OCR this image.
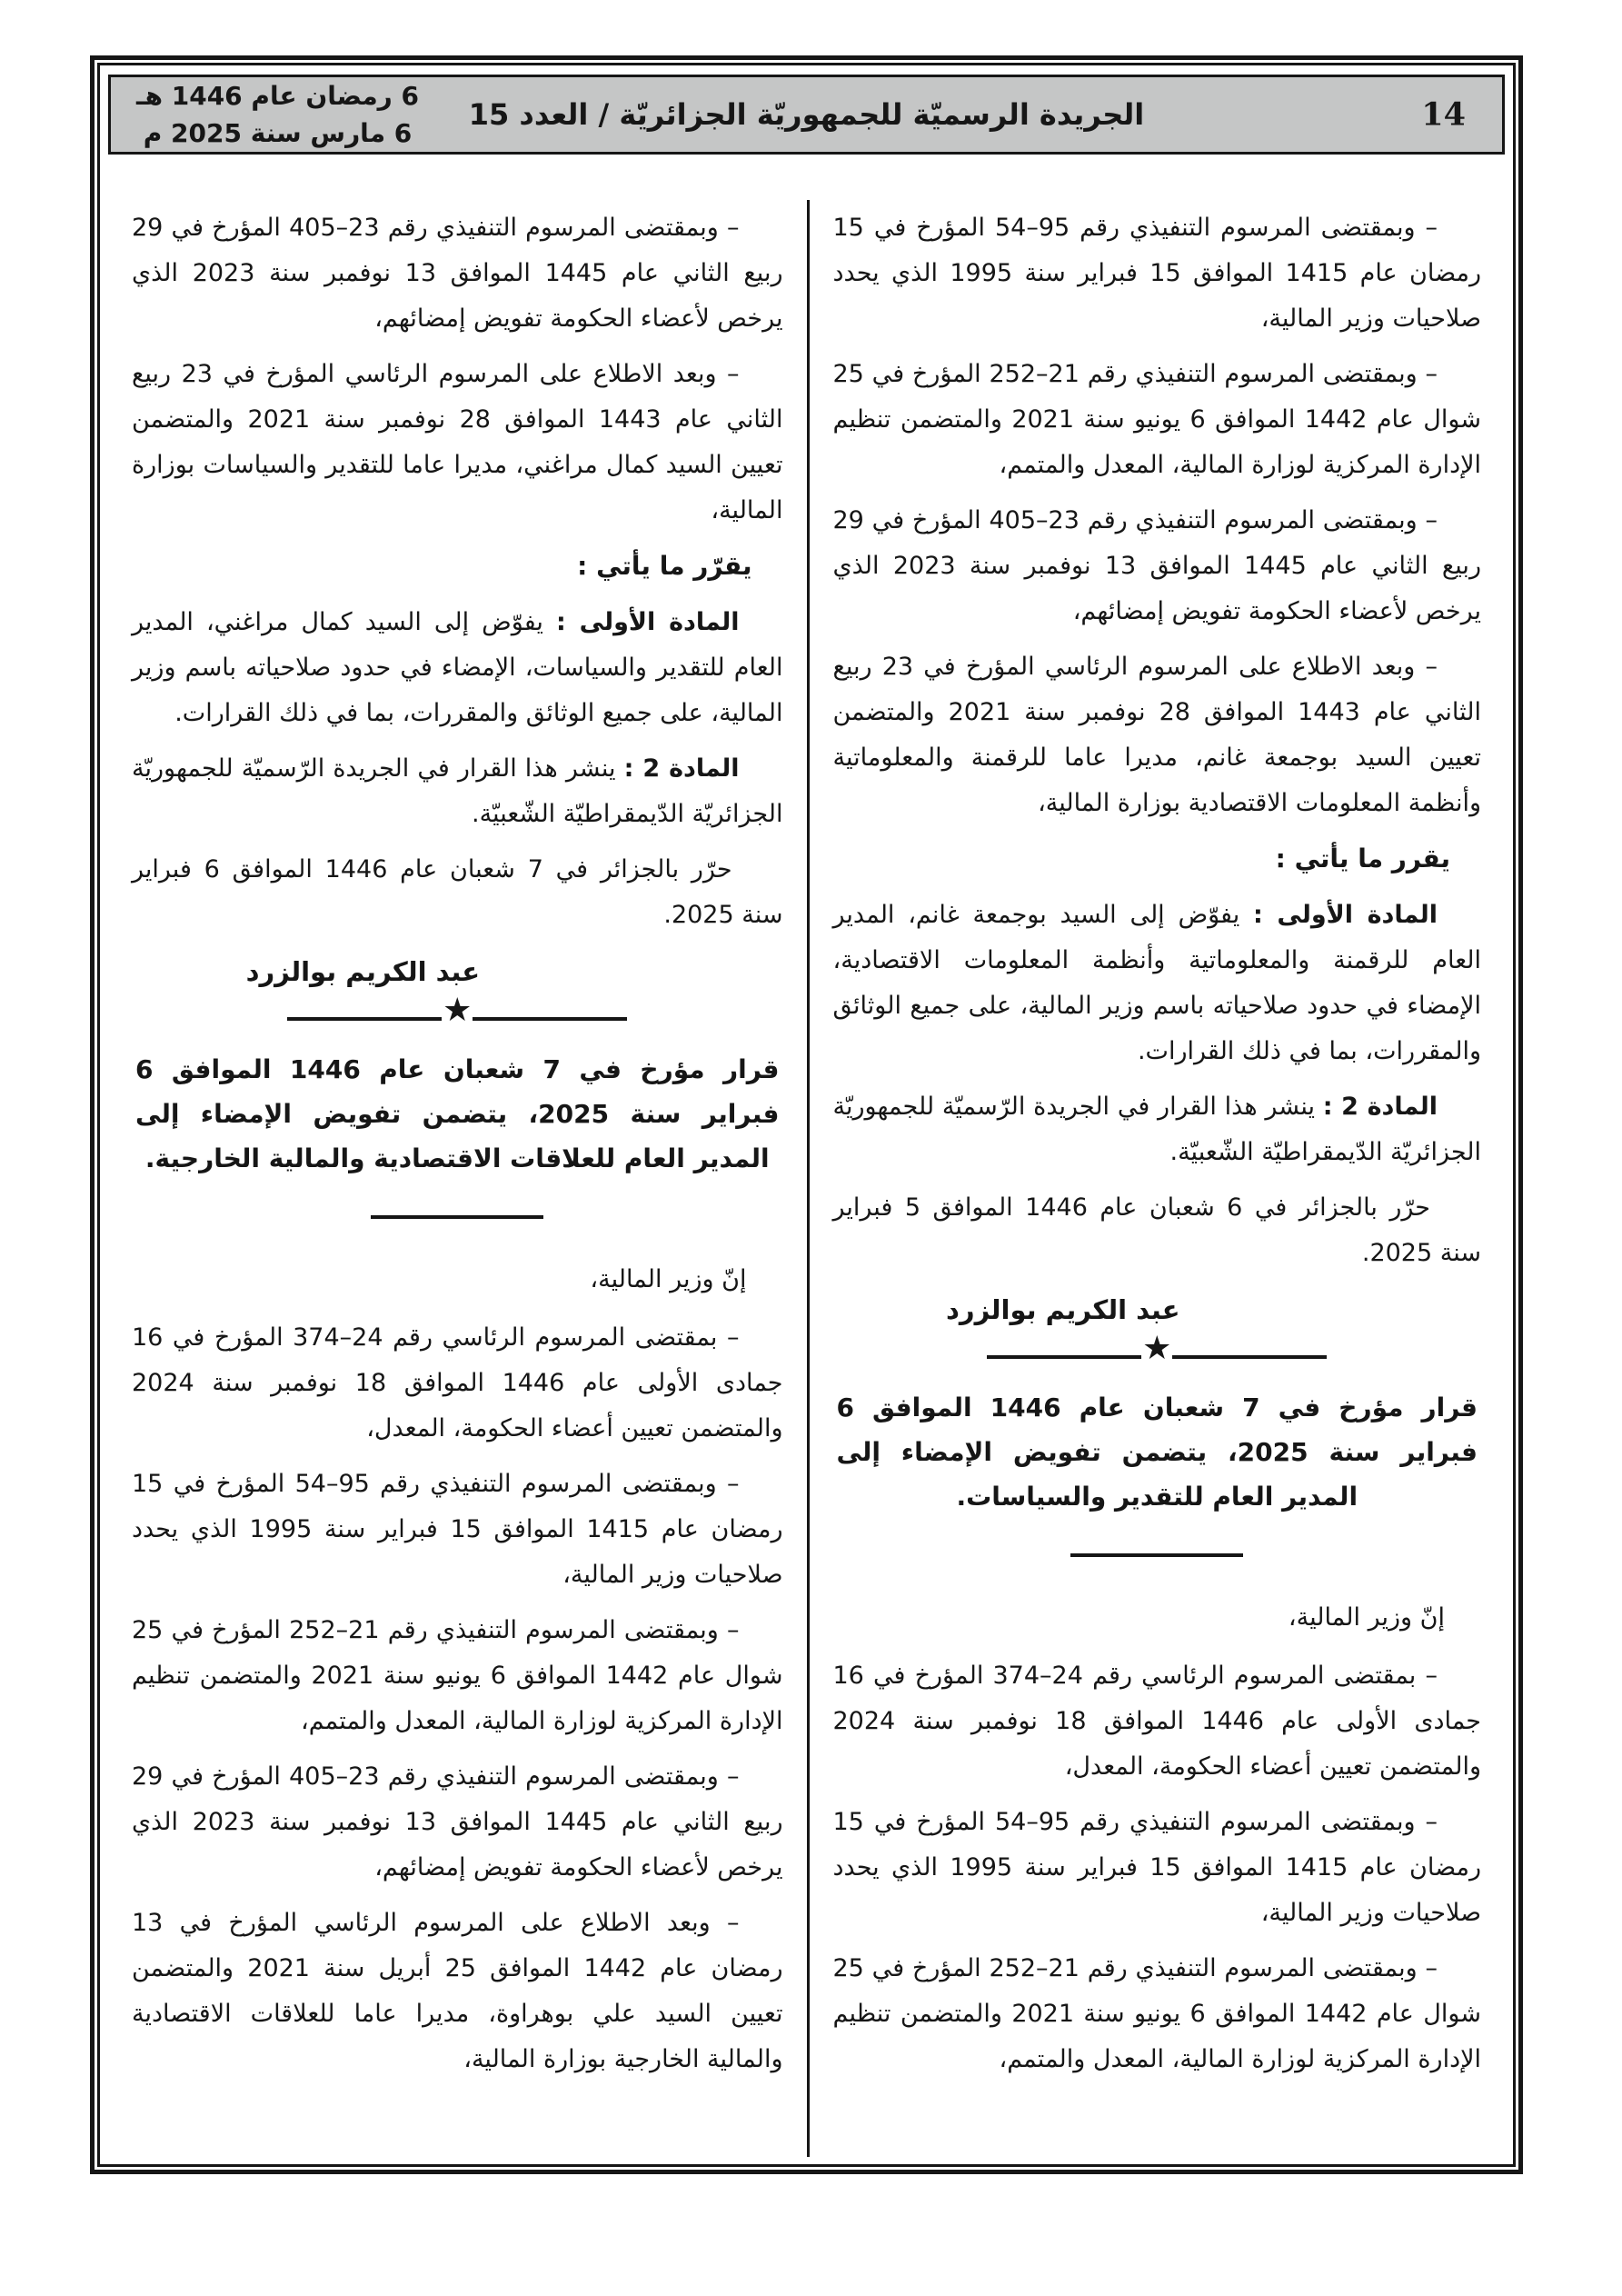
14
الجريدة الرسميّة للجمهوريّة الجزائريّة / العدد 15
6 رمضان عام 1446 هـ
6 مارس سنة 2025 م

– وبمقتضى المرسوم التنفيذي رقم 95–54 المؤرخ في 15 رمضان عام 1415 الموافق 15 فبراير سنة 1995 الذي يحدد صلاحيات وزير المالية،

– وبمقتضى المرسوم التنفيذي رقم 21–252 المؤرخ في 25 شوال عام 1442 الموافق 6 يونيو سنة 2021 والمتضمن تنظيم الإدارة المركزية لوزارة المالية، المعدل والمتمم،

– وبمقتضى المرسوم التنفيذي رقم 23–405 المؤرخ في 29 ربيع الثاني عام 1445 الموافق 13 نوفمبر سنة 2023 الذي يرخص لأعضاء الحكومة تفويض إمضائهم،

– وبعد الاطلاع على المرسوم الرئاسي المؤرخ في 23 ربيع الثاني عام 1443 الموافق 28 نوفمبر سنة 2021 والمتضمن تعيين السيد بوجمعة غانم، مديرا عاما للرقمنة والمعلوماتية وأنظمة المعلومات الاقتصادية بوزارة المالية،

يقرر ما يأتي :

المادة الأولى : يفوّض إلى السيد بوجمعة غانم، المدير العام للرقمنة والمعلوماتية وأنظمة المعلومات الاقتصادية، الإمضاء في حدود صلاحياته باسم وزير المالية، على جميع الوثائق والمقررات، بما في ذلك القرارات.

المادة 2 : ينشر هذا القرار في الجريدة الرّسميّة للجمهوريّة الجزائريّة الدّيمقراطيّة الشّعبيّة.

حرّر بالجزائر في 6 شعبان عام 1446 الموافق 5 فبراير سنة 2025.

عبد الكريم بوالزرد
★

قرار مؤرخ في 7 شعبان عام 1446 الموافق 6 فبراير سنة 2025، يتضمن تفويض الإمضاء إلى المدير العام للتقدير والسياسات.

إنّ وزير المالية،

– بمقتضى المرسوم الرئاسي رقم 24–374 المؤرخ في 16 جمادى الأولى عام 1446 الموافق 18 نوفمبر سنة 2024 والمتضمن تعيين أعضاء الحكومة، المعدل،

– وبمقتضى المرسوم التنفيذي رقم 95–54 المؤرخ في 15 رمضان عام 1415 الموافق 15 فبراير سنة 1995 الذي يحدد صلاحيات وزير المالية،

– وبمقتضى المرسوم التنفيذي رقم 21–252 المؤرخ في 25 شوال عام 1442 الموافق 6 يونيو سنة 2021 والمتضمن تنظيم الإدارة المركزية لوزارة المالية، المعدل والمتمم،

– وبمقتضى المرسوم التنفيذي رقم 23–405 المؤرخ في 29 ربيع الثاني عام 1445 الموافق 13 نوفمبر سنة 2023 الذي يرخص لأعضاء الحكومة تفويض إمضائهم،

– وبعد الاطلاع على المرسوم الرئاسي المؤرخ في 23 ربيع الثاني عام 1443 الموافق 28 نوفمبر سنة 2021 والمتضمن تعيين السيد كمال مراغني، مديرا عاما للتقدير والسياسات بوزارة المالية،

يقرّر ما يأتي :

المادة الأولى : يفوّض إلى السيد كمال مراغني، المدير العام للتقدير والسياسات، الإمضاء في حدود صلاحياته باسم وزير المالية، على جميع الوثائق والمقررات، بما في ذلك القرارات.

المادة 2 : ينشر هذا القرار في الجريدة الرّسميّة للجمهوريّة الجزائريّة الدّيمقراطيّة الشّعبيّة.

حرّر بالجزائر في 7 شعبان عام 1446 الموافق 6 فبراير سنة 2025.

عبد الكريم بوالزرد
★

قرار مؤرخ في 7 شعبان عام 1446 الموافق 6 فبراير سنة 2025، يتضمن تفويض الإمضاء إلى المدير العام للعلاقات الاقتصادية والمالية الخارجية.

إنّ وزير المالية،

– بمقتضى المرسوم الرئاسي رقم 24–374 المؤرخ في 16 جمادى الأولى عام 1446 الموافق 18 نوفمبر سنة 2024 والمتضمن تعيين أعضاء الحكومة، المعدل،

– وبمقتضى المرسوم التنفيذي رقم 95–54 المؤرخ في 15 رمضان عام 1415 الموافق 15 فبراير سنة 1995 الذي يحدد صلاحيات وزير المالية،

– وبمقتضى المرسوم التنفيذي رقم 21–252 المؤرخ في 25 شوال عام 1442 الموافق 6 يونيو سنة 2021 والمتضمن تنظيم الإدارة المركزية لوزارة المالية، المعدل والمتمم،

– وبمقتضى المرسوم التنفيذي رقم 23–405 المؤرخ في 29 ربيع الثاني عام 1445 الموافق 13 نوفمبر سنة 2023 الذي يرخص لأعضاء الحكومة تفويض إمضائهم،

– وبعد الاطلاع على المرسوم الرئاسي المؤرخ في 13 رمضان عام 1442 الموافق 25 أبريل سنة 2021 والمتضمن تعيين السيد علي بوهراوة، مديرا عاما للعلاقات الاقتصادية والمالية الخارجية بوزارة المالية،
